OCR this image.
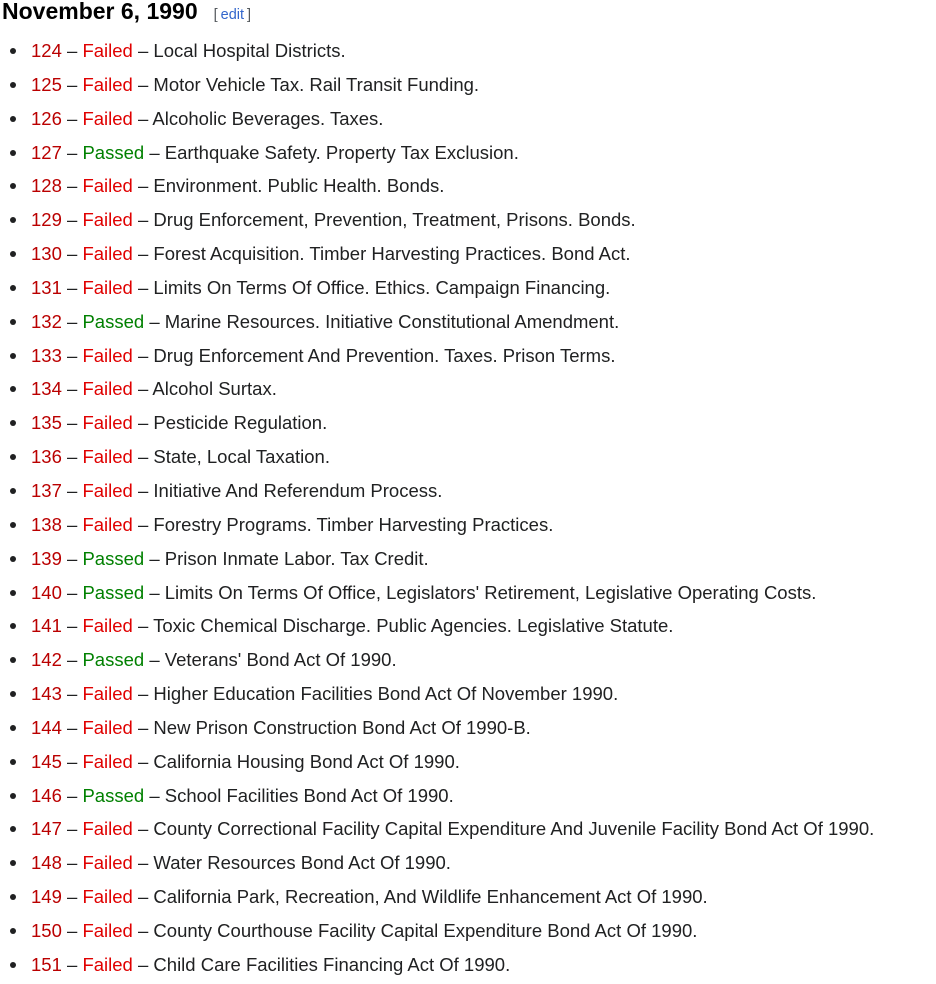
November 6, 1990 [ edit ]
124 – Failed – Local Hospital Districts.
125 – Failed – Motor Vehicle Tax. Rail Transit Funding.
126 – Failed – Alcoholic Beverages. Taxes.
127 – Passed – Earthquake Safety. Property Tax Exclusion.
128 – Failed – Environment. Public Health. Bonds.
129 – Failed – Drug Enforcement, Prevention, Treatment, Prisons. Bonds.
130 – Failed – Forest Acquisition. Timber Harvesting Practices. Bond Act.
131 – Failed – Limits On Terms Of Office. Ethics. Campaign Financing.
132 – Passed – Marine Resources. Initiative Constitutional Amendment.
133 – Failed – Drug Enforcement And Prevention. Taxes. Prison Terms.
134 – Failed – Alcohol Surtax.
135 – Failed – Pesticide Regulation.
136 – Failed – State, Local Taxation.
137 – Failed – Initiative And Referendum Process.
138 – Failed – Forestry Programs. Timber Harvesting Practices.
139 – Passed – Prison Inmate Labor. Tax Credit.
140 – Passed – Limits On Terms Of Office, Legislators' Retirement, Legislative Operating Costs.
141 – Failed – Toxic Chemical Discharge. Public Agencies. Legislative Statute.
142 – Passed – Veterans' Bond Act Of 1990.
143 – Failed – Higher Education Facilities Bond Act Of November 1990.
144 – Failed – New Prison Construction Bond Act Of 1990-B.
145 – Failed – California Housing Bond Act Of 1990.
146 – Passed – School Facilities Bond Act Of 1990.
147 – Failed – County Correctional Facility Capital Expenditure And Juvenile Facility Bond Act Of 1990.
148 – Failed – Water Resources Bond Act Of 1990.
149 – Failed – California Park, Recreation, And Wildlife Enhancement Act Of 1990.
150 – Failed – County Courthouse Facility Capital Expenditure Bond Act Of 1990.
151 – Failed – Child Care Facilities Financing Act Of 1990.
